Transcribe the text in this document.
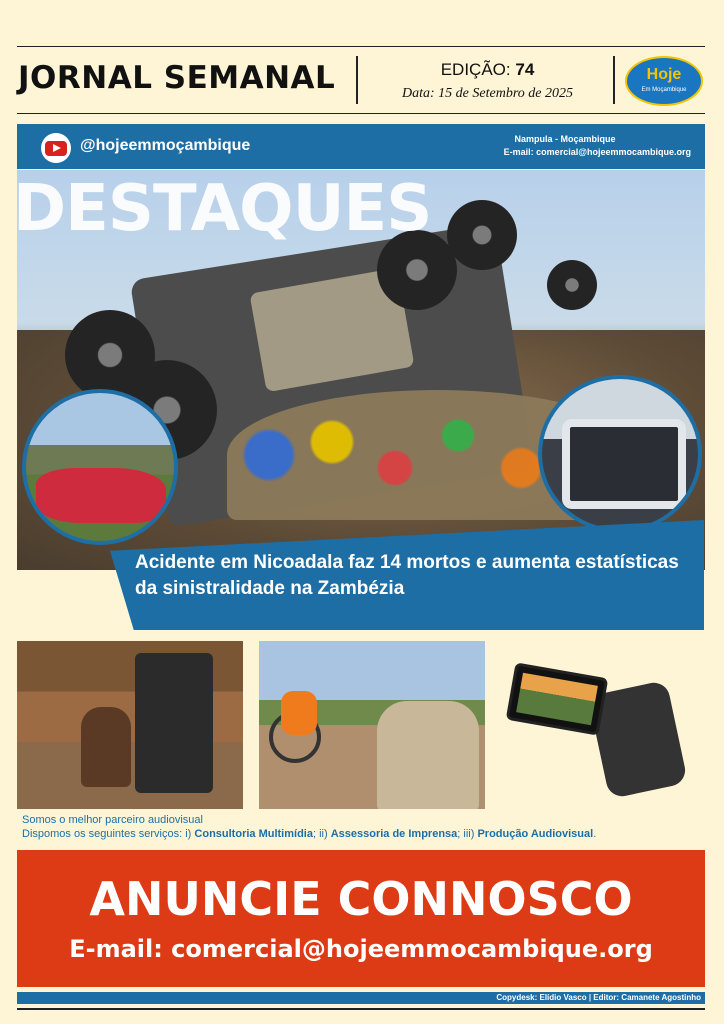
JORNAL SEMANAL	EDIÇÃO: 74
Data: 15 de Setembro de 2025
Hoje
Em Moçambique
@hojeemmoçambique	Nampula - Moçambique
E-mail: comercial@hojeemmocambique.org
DESTAQUES
Acidente em Nicoadala faz 14 mortos e aumenta estatísticas da sinistralidade na Zambézia
Somos o melhor parceiro audiovisual
Dispomos os seguintes serviços: i) Consultoria Multimídia; ii) Assessoria de Imprensa; iii) Produção Audiovisual.
ANUNCIE CONNOSCO
E-mail: comercial@hojeemmocambique.org
Copydesk: Elídio Vasco | Editor: Camanete Agostinho
